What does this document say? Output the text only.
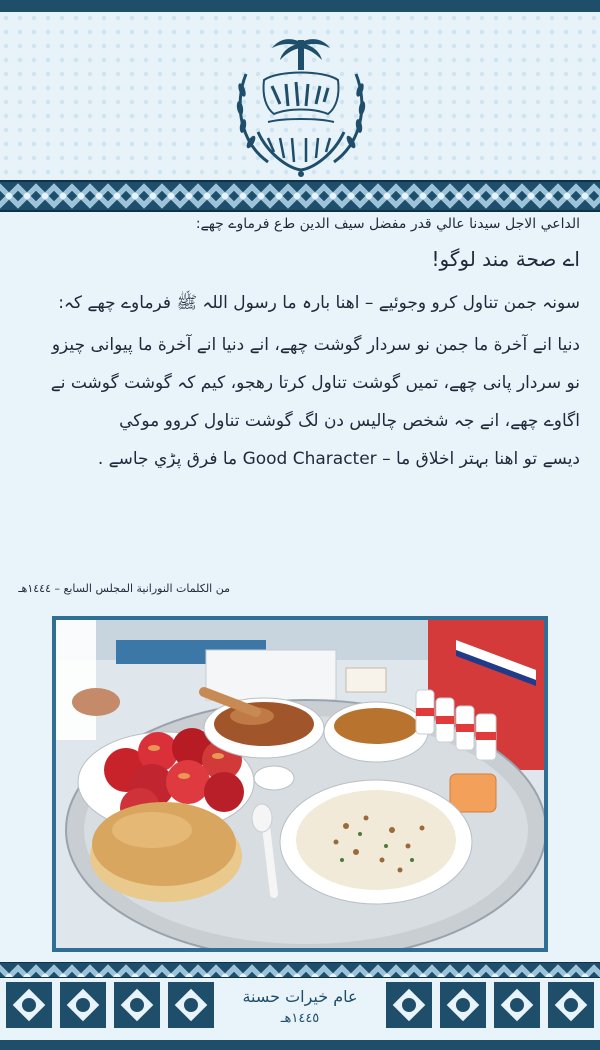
الداعي الاجل سيدنا عالي قدر مفضل سيف الدين ط‌ع فرماوے چھے:

اے صحة مند لوگو!

سونہ جمن تناول کرو وجوئیے – اهنا بارہ ما رسول اللہ ﷺ فرماوے چھے کہ:

دنیا انے آخرة ما جمن نو سردار گوشت چھے، انے دنیا انے آخرة ما پیوانی چیزو

نو سردار پانی چھے، تمیں گوشت تناول کرتا رهجو، کیم کہ گوشت گوشت نے

اگاوے چھے، انے جہ شخص چالیس دن لگ گوشت تناول کروو موکي

دیسے تو اهنا بہتر اخلاق ما – Good Character ما فرق پڑي جاسے .

من الكلمات النورانية المجلس السابع – ١٤٤٤هـ
عام خيرات حسنة
١٤٤٥هـ
